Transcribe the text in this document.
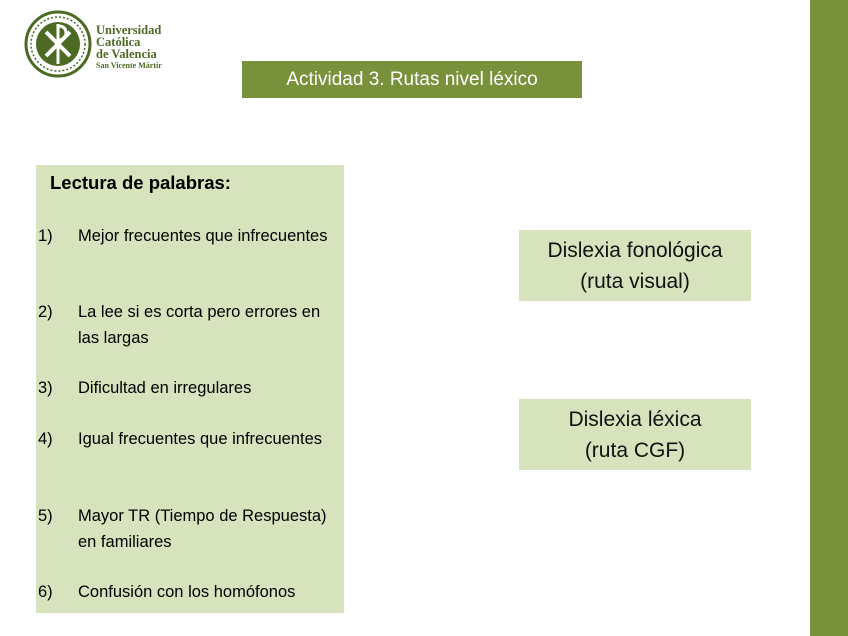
Universidad
Católica
de Valencia
San Vicente Mártir
Actividad 3. Rutas nivel léxico
Lectura de palabras:
1) Mejor frecuentes que infrecuentes
2) La lee si es corta pero errores en las largas
3) Dificultad en irregulares
4) Igual frecuentes que infrecuentes
5) Mayor TR (Tiempo de Respuesta) en familiares
6) Confusión con los homófonos
Dislexia fonológica
(ruta visual)
Dislexia léxica
(ruta CGF)
